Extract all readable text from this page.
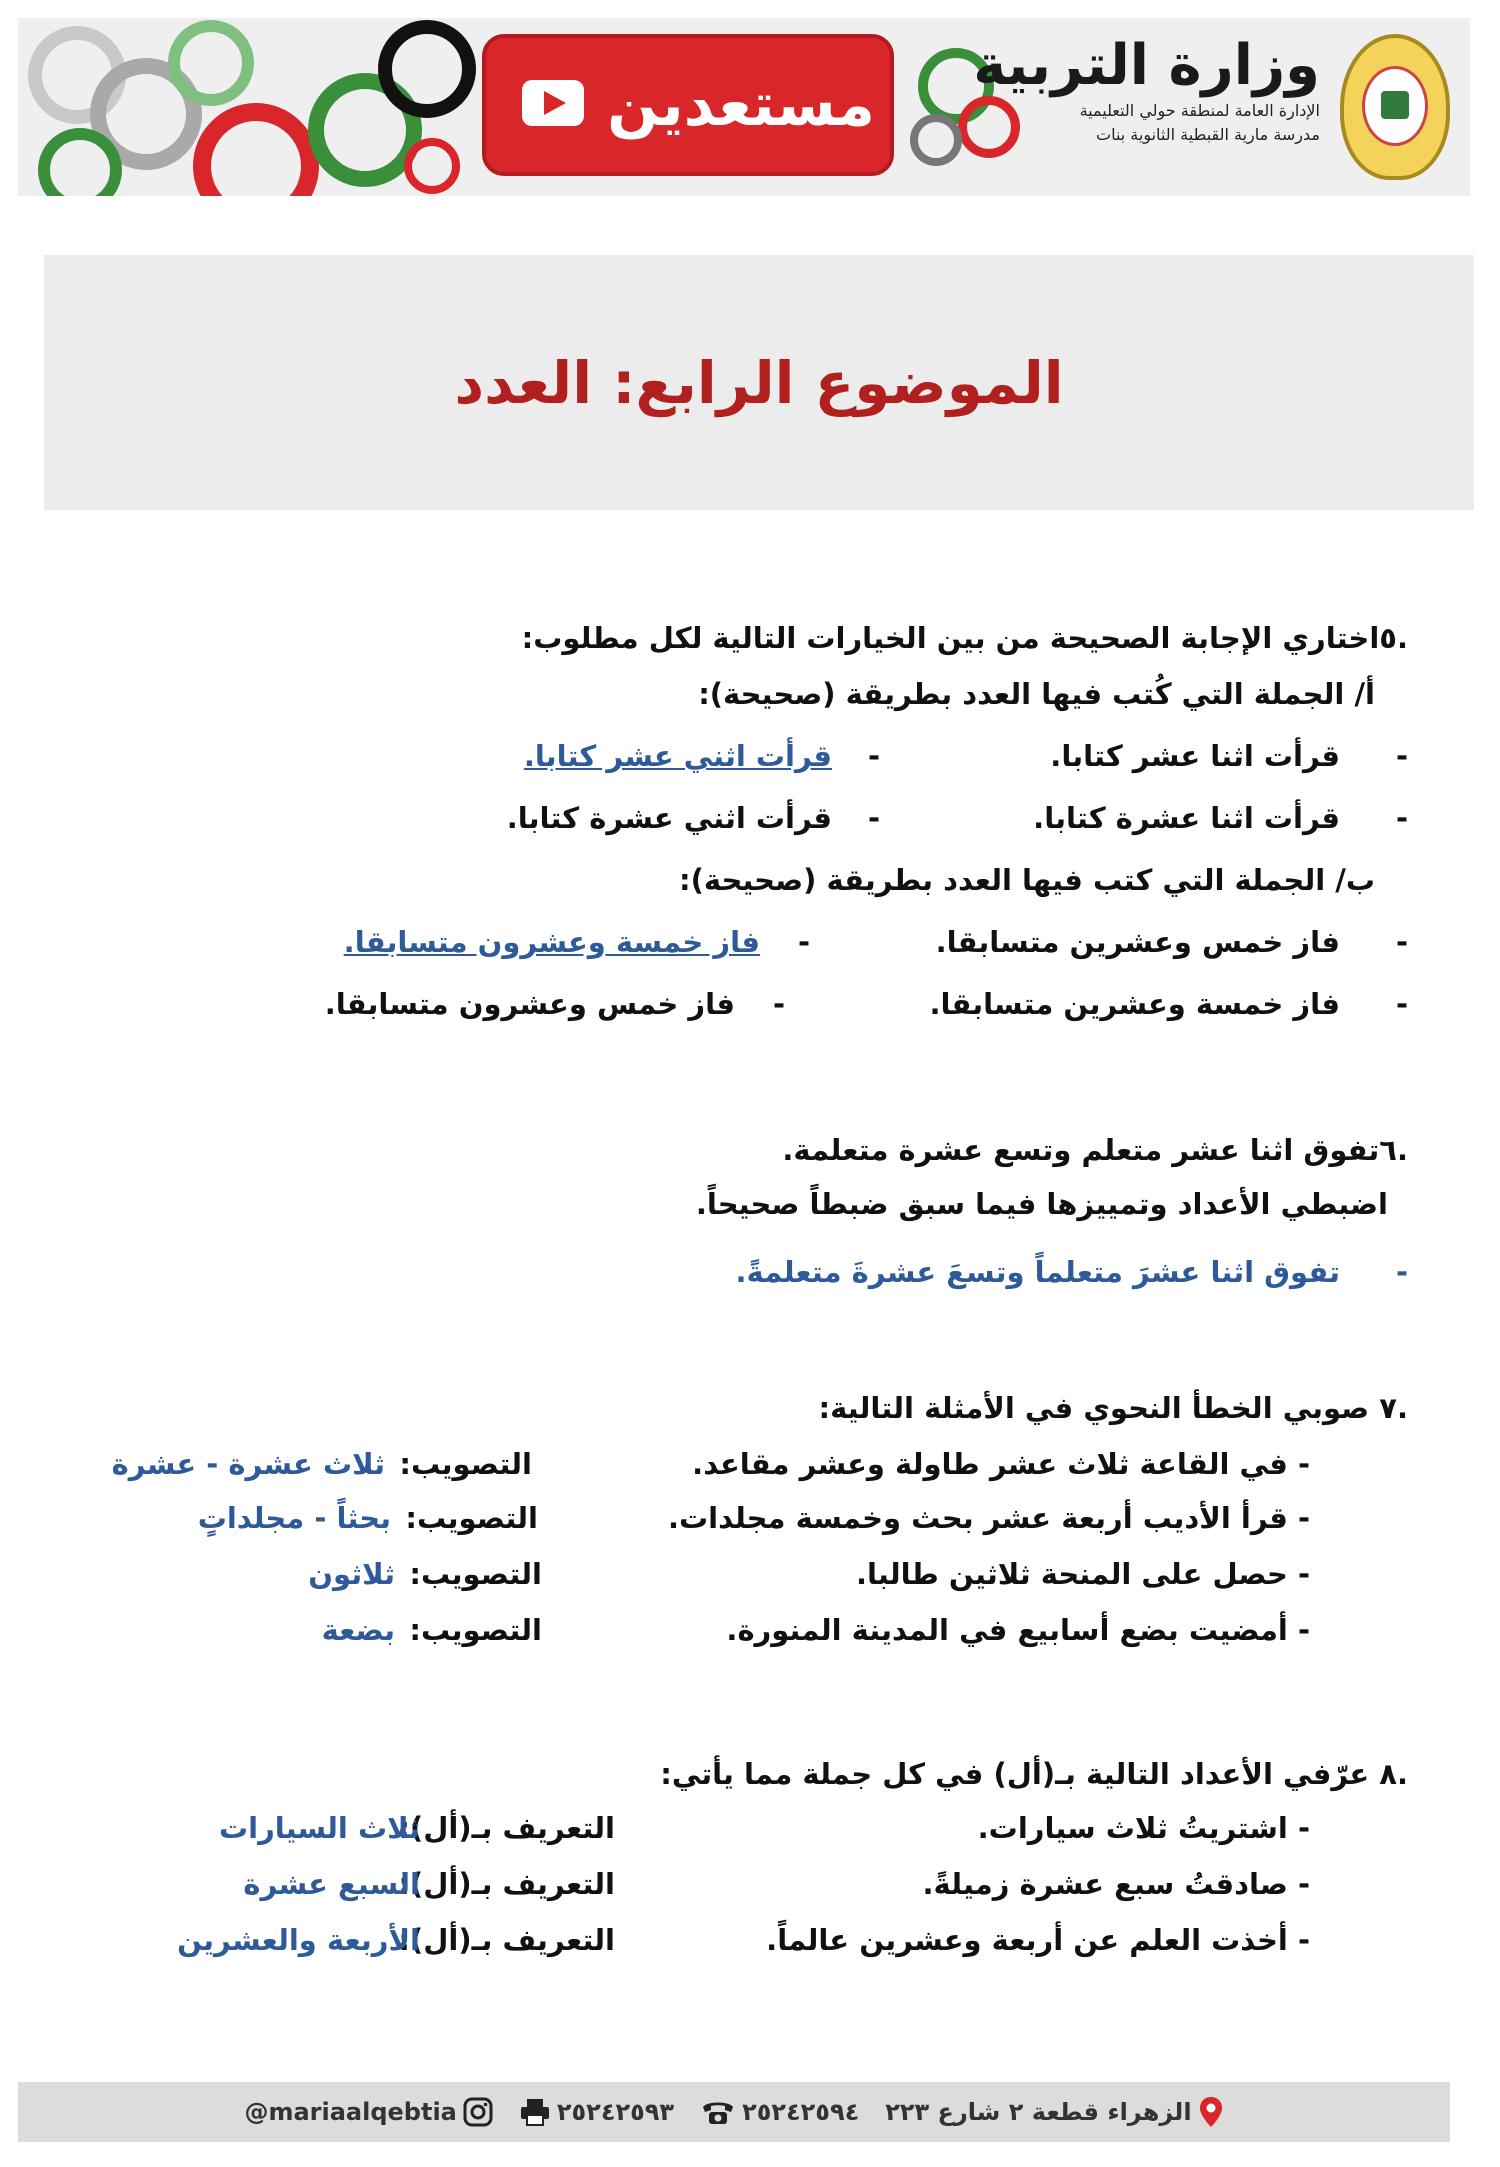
مستعدين
وزارة التربية
الإدارة العامة لمنطقة حولي التعليمية
مدرسة مارية القبطية الثانوية بنات
الموضوع الرابع: العدد
.٥اختاري الإجابة الصحيحة من بين الخيارات التالية لكل مطلوب:
أ/ الجملة التي كُتب فيها العدد بطريقة (صحيحة):
-
قرأت اثنا عشر كتابا.
-
قرأت اثني عشر كتابا.
-
قرأت اثنا عشرة كتابا.
-
قرأت اثني عشرة كتابا.
ب/ الجملة التي كتب فيها العدد بطريقة (صحيحة):
-
فاز خمس وعشرين متسابقا.
-
فاز خمسة وعشرون متسابقا.
-
فاز خمسة وعشرين متسابقا.
-
فاز خمس وعشرون متسابقا.
.٦تفوق اثنا عشر متعلم وتسع عشرة متعلمة.
اضبطي الأعداد وتمييزها فيما سبق ضبطاً صحيحاً.
-
تفوق اثنا عشرَ متعلماً وتسعَ عشرةَ متعلمةً.
.٧ صوبي الخطأ النحوي في الأمثلة التالية:
- في القاعة ثلاث عشر طاولة وعشر مقاعد.
التصويب:
ثلاث عشرة - عشرة
- قرأ الأديب أربعة عشر بحث وخمسة مجلدات.
التصويب:
بحثاً - مجلداتٍ
- حصل على المنحة ثلاثين طالبا.
التصويب:
ثلاثون
- أمضيت بضع أسابيع في المدينة المنورة.
التصويب:
بضعة
.٨ عرّفي الأعداد التالية بـ(أل) في كل جملة مما يأتي:
- اشتريتُ ثلاث سيارات.
التعريف بـ(أل):
ثلاث السيارات
- صادقتُ سبع عشرة زميلةً.
التعريف بـ(أل):
السبع عشرة
- أخذت العلم عن أربعة وعشرين عالماً.
التعريف بـ(أل):
الأربعة والعشرين
الزهراء قطعة ٢ شارع ٢٢٣
٢٥٢٤٢٥٩٤
٢٥٢٤٢٥٩٣
@mariaalqebtia
